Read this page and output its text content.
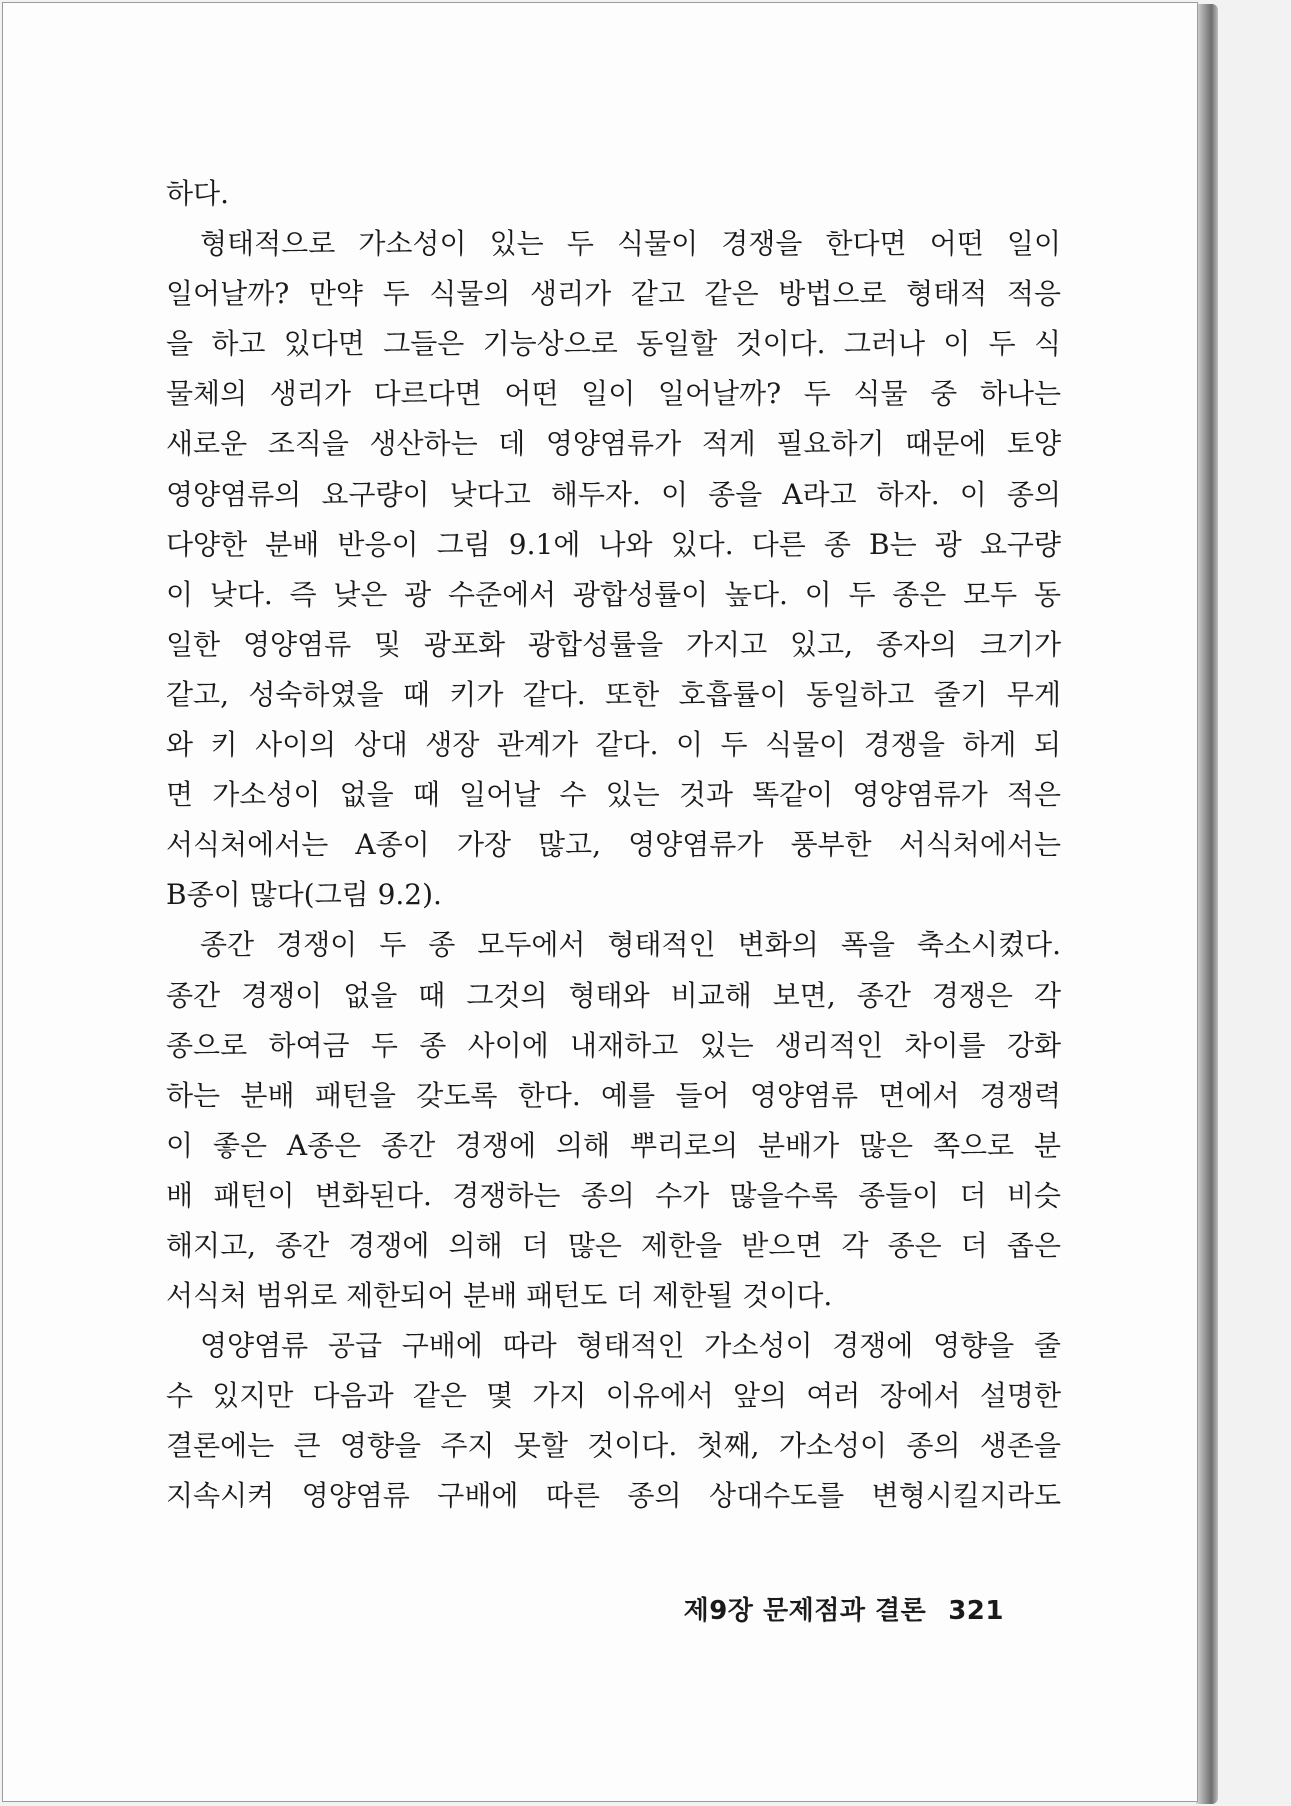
하다.
형태적으로 가소성이 있는 두 식물이 경쟁을 한다면 어떤 일이
일어날까? 만약 두 식물의 생리가 같고 같은 방법으로 형태적 적응
을 하고 있다면 그들은 기능상으로 동일할 것이다. 그러나 이 두 식
물체의 생리가 다르다면 어떤 일이 일어날까? 두 식물 중 하나는
새로운 조직을 생산하는 데 영양염류가 적게 필요하기 때문에 토양
영양염류의 요구량이 낮다고 해두자. 이 종을 A라고 하자. 이 종의
다양한 분배 반응이 그림 9.1에 나와 있다. 다른 종 B는 광 요구량
이 낮다. 즉 낮은 광 수준에서 광합성률이 높다. 이 두 종은 모두 동
일한 영양염류 및 광포화 광합성률을 가지고 있고, 종자의 크기가
같고, 성숙하였을 때 키가 같다. 또한 호흡률이 동일하고 줄기 무게
와 키 사이의 상대 생장 관계가 같다. 이 두 식물이 경쟁을 하게 되
면 가소성이 없을 때 일어날 수 있는 것과 똑같이 영양염류가 적은
서식처에서는 A종이 가장 많고, 영양염류가 풍부한 서식처에서는
B종이 많다(그림 9.2).
종간 경쟁이 두 종 모두에서 형태적인 변화의 폭을 축소시켰다.
종간 경쟁이 없을 때 그것의 형태와 비교해 보면, 종간 경쟁은 각
종으로 하여금 두 종 사이에 내재하고 있는 생리적인 차이를 강화
하는 분배 패턴을 갖도록 한다. 예를 들어 영양염류 면에서 경쟁력
이 좋은 A종은 종간 경쟁에 의해 뿌리로의 분배가 많은 쪽으로 분
배 패턴이 변화된다. 경쟁하는 종의 수가 많을수록 종들이 더 비슷
해지고, 종간 경쟁에 의해 더 많은 제한을 받으면 각 종은 더 좁은
서식처 범위로 제한되어 분배 패턴도 더 제한될 것이다.
영양염류 공급 구배에 따라 형태적인 가소성이 경쟁에 영향을 줄
수 있지만 다음과 같은 몇 가지 이유에서 앞의 여러 장에서 설명한
결론에는 큰 영향을 주지 못할 것이다. 첫째, 가소성이 종의 생존을
지속시켜 영양염류 구배에 따른 종의 상대수도를 변형시킬지라도
제9장 문제점과 결론 321
